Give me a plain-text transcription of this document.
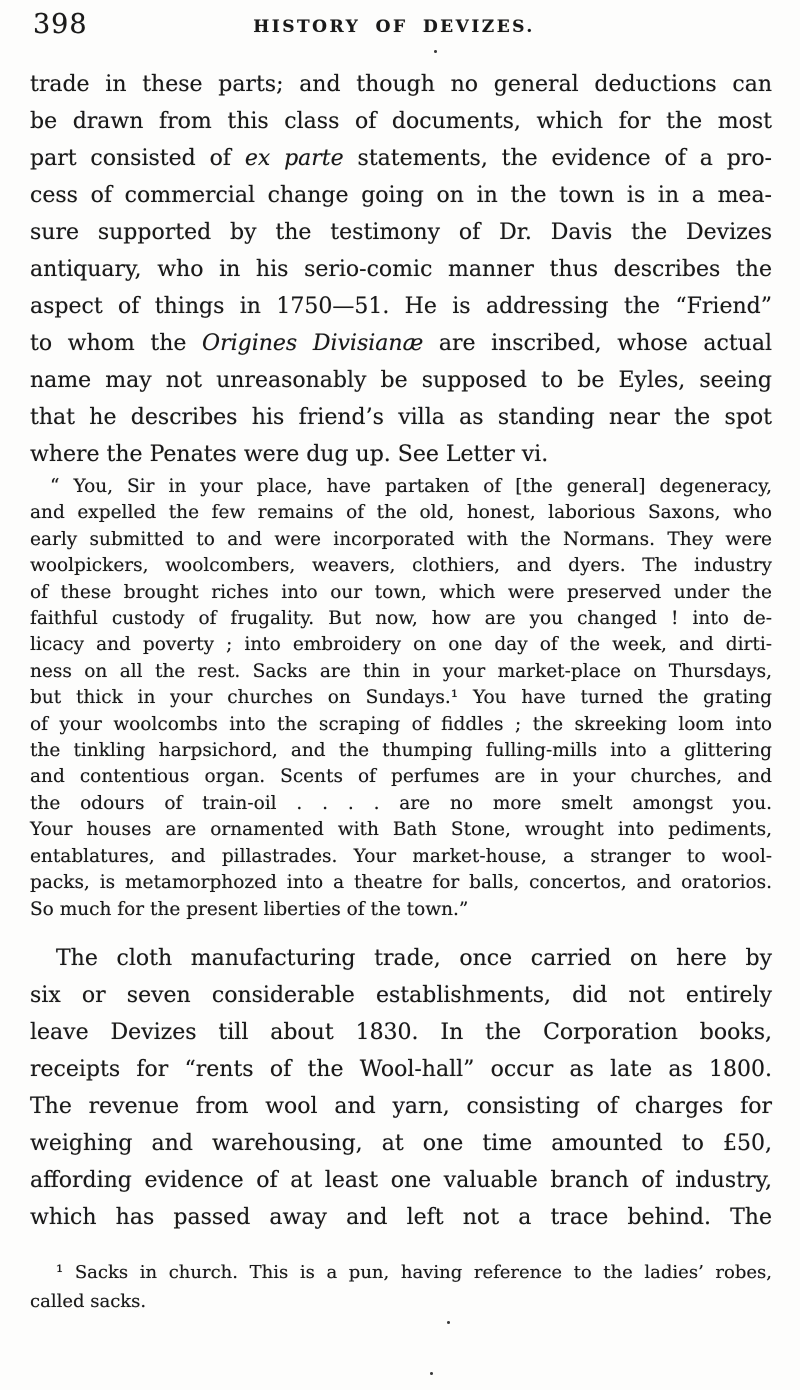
398	HISTORY OF DEVIZES.
trade in these parts; and though no general deductions can
be drawn from this class of documents, which for the most
part consisted of ex parte statements, the evidence of a pro-
cess of commercial change going on in the town is in a mea-
sure supported by the testimony of Dr. Davis the Devizes
antiquary, who in his serio-comic manner thus describes the
aspect of things in 1750—51. He is addressing the “Friend”
to whom the Origines Divisianæ are inscribed, whose actual
name may not unreasonably be supposed to be Eyles, seeing
that he describes his friend’s villa as standing near the spot
where the Penates were dug up. See Letter vi.
“ You, Sir in your place, have partaken of [the general] degeneracy,
and expelled the few remains of the old, honest, laborious Saxons, who
early submitted to and were incorporated with the Normans. They were
woolpickers, woolcombers, weavers, clothiers, and dyers. The industry
of these brought riches into our town, which were preserved under the
faithful custody of frugality. But now, how are you changed ! into de-
licacy and poverty ; into embroidery on one day of the week, and dirti-
ness on all the rest. Sacks are thin in your market-place on Thursdays,
but thick in your churches on Sundays.¹ You have turned the grating
of your woolcombs into the scraping of fiddles ; the skreeking loom into
the tinkling harpsichord, and the thumping fulling-mills into a glittering
and contentious organ. Scents of perfumes are in your churches, and
the odours of train-oil . . . . are no more smelt amongst you.
Your houses are ornamented with Bath Stone, wrought into pediments,
entablatures, and pillastrades. Your market-house, a stranger to wool-
packs, is metamorphozed into a theatre for balls, concertos, and oratorios.
So much for the present liberties of the town.”
The cloth manufacturing trade, once carried on here by
six or seven considerable establishments, did not entirely
leave Devizes till about 1830. In the Corporation books,
receipts for “rents of the Wool-hall” occur as late as 1800.
The revenue from wool and yarn, consisting of charges for
weighing and warehousing, at one time amounted to £50,
affording evidence of at least one valuable branch of industry,
which has passed away and left not a trace behind. The
¹ Sacks in church. This is a pun, having reference to the ladies’ robes,
called sacks.
